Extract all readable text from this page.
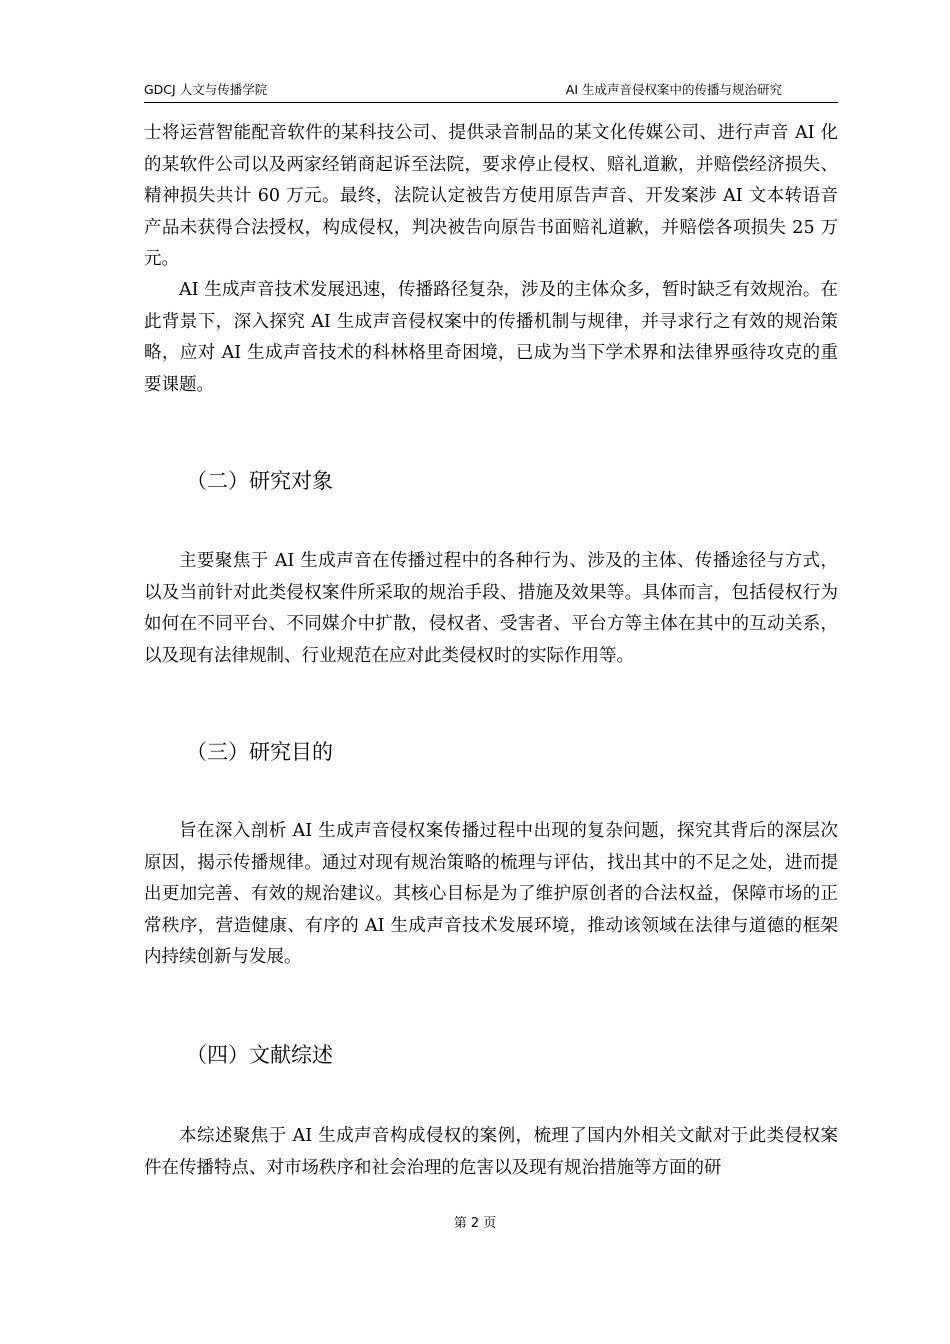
GDCJ 人文与传播学院	AI 生成声音侵权案中的传播与规治研究

士将运营智能配音软件的某科技公司、提供录音制品的某文化传媒公司、进行声音 AI 化的某软件公司以及两家经销商起诉至法院，要求停止侵权、赔礼道歉，并赔偿经济损失、精神损失共计 60 万元。最终，法院认定被告方使用原告声音、开发案涉 AI 文本转语音产品未获得合法授权，构成侵权，判决被告向原告书面赔礼道歉，并赔偿各项损失 25 万元。

AI 生成声音技术发展迅速，传播路径复杂，涉及的主体众多，暂时缺乏有效规治。在此背景下，深入探究 AI 生成声音侵权案中的传播机制与规律，并寻求行之有效的规治策略，应对 AI 生成声音技术的科林格里奇困境，已成为当下学术界和法律界亟待攻克的重要课题。

（二）研究对象

主要聚焦于 AI 生成声音在传播过程中的各种行为、涉及的主体、传播途径与方式，以及当前针对此类侵权案件所采取的规治手段、措施及效果等。具体而言，包括侵权行为如何在不同平台、不同媒介中扩散，侵权者、受害者、平台方等主体在其中的互动关系，以及现有法律规制、行业规范在应对此类侵权时的实际作用等。

（三）研究目的

旨在深入剖析 AI 生成声音侵权案传播过程中出现的复杂问题，探究其背后的深层次原因，揭示传播规律。通过对现有规治策略的梳理与评估，找出其中的不足之处，进而提出更加完善、有效的规治建议。其核心目标是为了维护原创者的合法权益，保障市场的正常秩序，营造健康、有序的 AI 生成声音技术发展环境，推动该领域在法律与道德的框架内持续创新与发展。

（四）文献综述

本综述聚焦于 AI 生成声音构成侵权的案例，梳理了国内外相关文献对于此类侵权案件在传播特点、对市场秩序和社会治理的危害以及现有规治措施等方面的研

第 2 页
